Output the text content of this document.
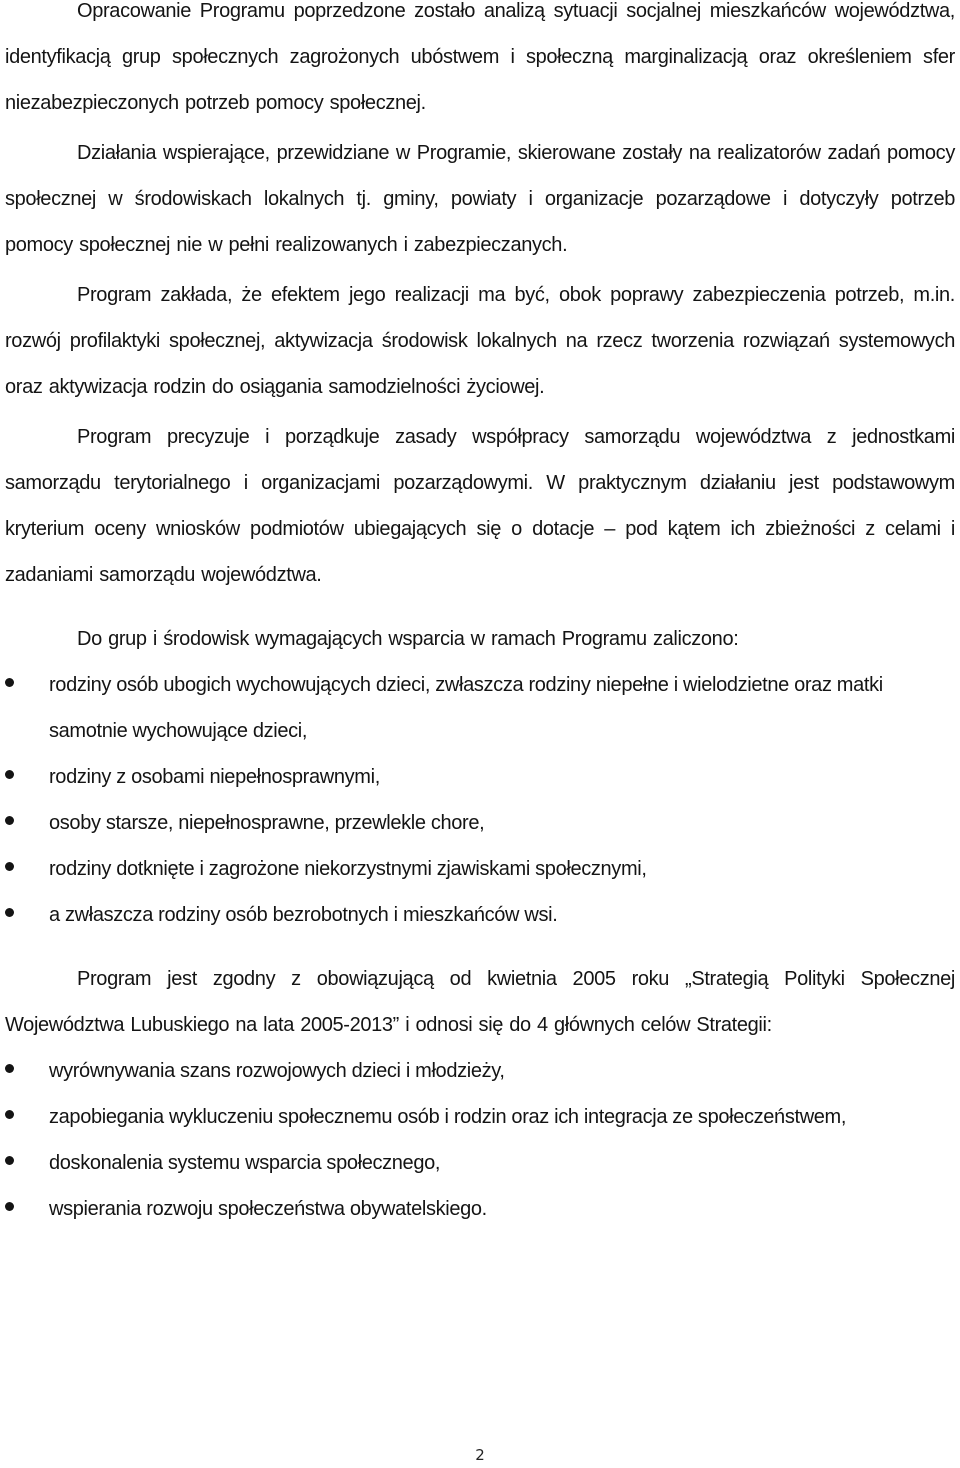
Opracowanie Programu poprzedzone zostało analizą sytuacji socjalnej mieszkańców województwa, identyfikacją grup społecznych zagrożonych ubóstwem i społeczną marginalizacją oraz określeniem sfer niezabezpieczonych potrzeb pomocy społecznej.

Działania wspierające, przewidziane w Programie, skierowane zostały na realizatorów zadań pomocy społecznej w środowiskach lokalnych tj. gminy, powiaty i organizacje pozarządowe i dotyczyły potrzeb pomocy społecznej nie w pełni realizowanych i zabezpieczanych.

Program zakłada, że efektem jego realizacji ma być, obok poprawy zabezpieczenia potrzeb, m.in. rozwój profilaktyki społecznej, aktywizacja środowisk lokalnych na rzecz tworzenia rozwiązań systemowych oraz aktywizacja rodzin do osiągania samodzielności życiowej.

Program precyzuje i porządkuje zasady współpracy samorządu województwa z jednostkami samorządu terytorialnego i organizacjami pozarządowymi. W praktycznym działaniu jest podstawowym kryterium oceny wniosków podmiotów ubiegających się o dotacje – pod kątem ich zbieżności z celami i zadaniami samorządu województwa.

Do grup i środowisk wymagających wsparcia w ramach Programu zaliczono:

rodziny osób ubogich wychowujących dzieci, zwłaszcza rodziny niepełne i wielodzietne oraz matki samotnie wychowujące dzieci,
rodziny z osobami niepełnosprawnymi,
osoby starsze, niepełnosprawne, przewlekle chore,
rodziny dotknięte i zagrożone niekorzystnymi zjawiskami społecznymi,
a zwłaszcza rodziny osób bezrobotnych i mieszkańców wsi.

Program jest zgodny z obowiązującą od kwietnia 2005 roku „Strategią Polityki Społecznej Województwa Lubuskiego na lata 2005-2013” i odnosi się do 4 głównych celów Strategii:

wyrównywania szans rozwojowych dzieci i młodzieży,
zapobiegania wykluczeniu społecznemu osób i rodzin oraz ich integracja ze społeczeństwem,
doskonalenia systemu wsparcia społecznego,
wspierania rozwoju społeczeństwa obywatelskiego.
2
